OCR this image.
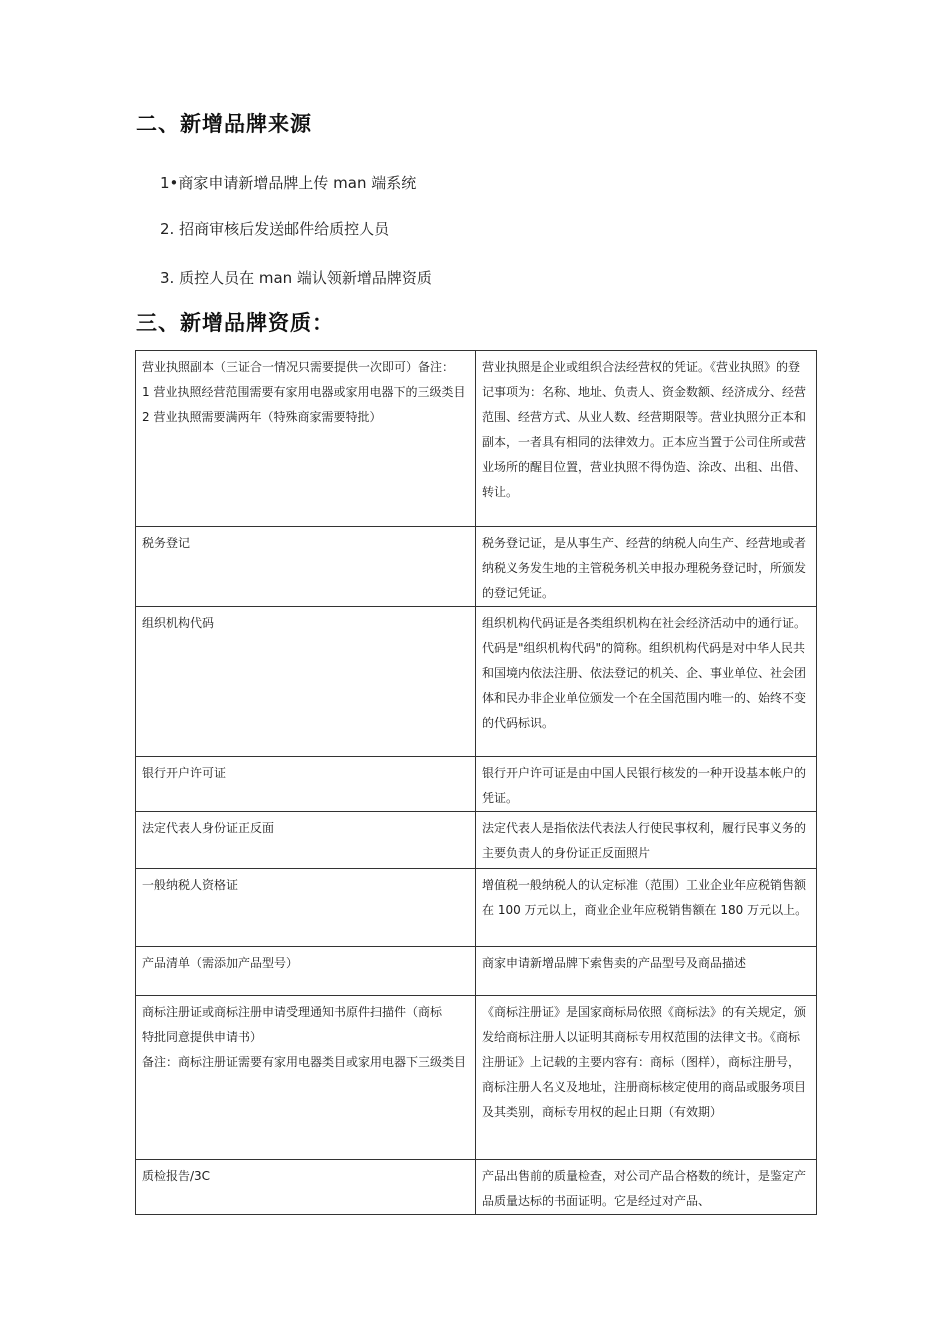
二、新增品牌来源
1•商家申请新增品牌上传 man 端系统
2. 招商审核后发送邮件给质控人员
3. 质控人员在 man 端认领新增品牌资质
三、新增品牌资质：
营业执照副本（三证合一情况只需要提供一次即可）备注：
1 营业执照经营范围需要有家用电器或家用电器下的三级类目
2 营业执照需要满两年（特殊商家需要特批）	营业执照是企业或组织合法经营权的凭证。《营业执照》的登记事项为：名称、地址、负责人、资金数额、经济成分、经营范围、经营方式、从业人数、经营期限等。营业执照分正本和副本，一者具有相同的法律效力。正本应当置于公司住所或营业场所的醒目位置，营业执照不得伪造、涂改、出租、出借、转让。
税务登记	税务登记证，是从事生产、经营的纳税人向生产、经营地或者纳税义务发生地的主管税务机关申报办理税务登记时，所颁发的登记凭证。
组织机构代码	组织机构代码证是各类组织机构在社会经济活动中的通行证。代码是"组织机构代码"的简称。组织机构代码是对中华人民共和国境内依法注册、依法登记的机关、企、事业单位、社会团体和民办非企业单位颁发一个在全国范围内唯一的、始终不变的代码标识。
银行开户许可证	银行开户许可证是由中国人民银行核发的一种开设基本帐户的凭证。
法定代表人身份证正反面	法定代表人是指依法代表法人行使民事权利，履行民事义务的主要负责人的身份证正反面照片
一般纳税人资格证	增值税一般纳税人的认定标准（范围）工业企业年应税销售额在 100 万元以上，商业企业年应税销售额在 180 万元以上。
产品清单（需添加产品型号）	商家申请新增品牌下索售卖的产品型号及商品描述
商标注册证或商标注册申请受理通知书原件扫描件（商标
特批同意提供申请书）
备注：商标注册证需要有家用电器类目或家用电器下三级类目	《商标注册证》是国家商标局依照《商标法》的有关规定，颁发给商标注册人以证明其商标专用权范围的法律文书。《商标注册证》上记载的主要内容有：商标（图样），商标注册号，商标注册人名义及地址，注册商标核定使用的商品或服务项目及其类别，商标专用权的起止日期（有效期）
质检报告/3C	产品出售前的质量检查，对公司产品合格数的统计，是鉴定产品质量达标的书面证明。它是经过对产品、
